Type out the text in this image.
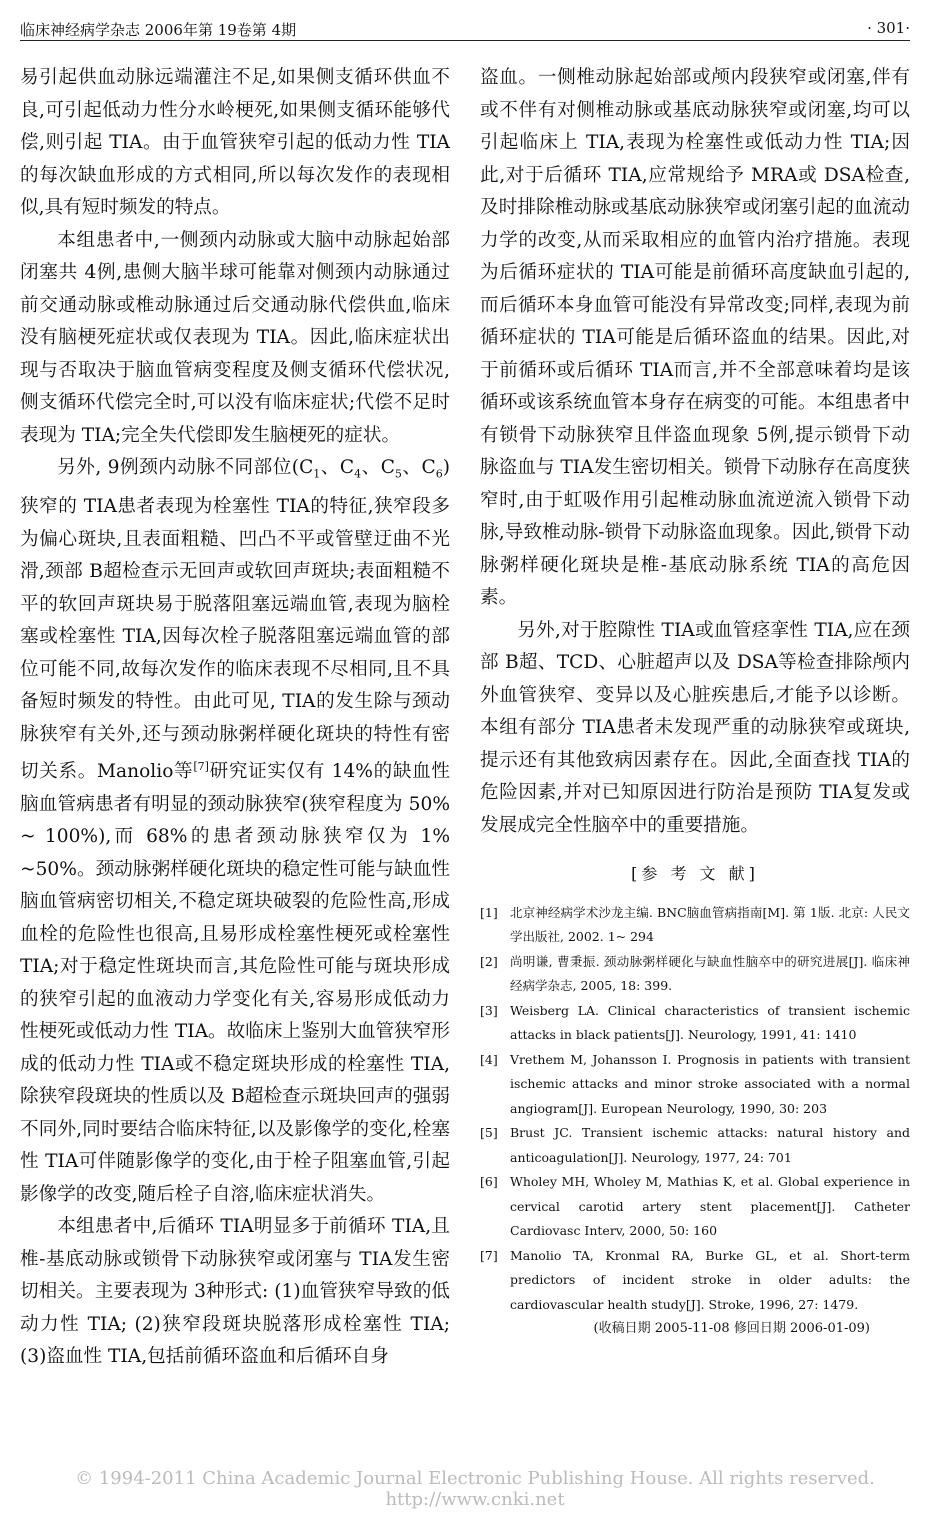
临床神经病学杂志 2006年第 19卷第 4期	· 301·

易引起供血动脉远端灌注不足,如果侧支循环供血不良,可引起低动力性分水岭梗死,如果侧支循环能够代偿,则引起 TIA。由于血管狭窄引起的低动力性 TIA的每次缺血形成的方式相同,所以每次发作的表现相似,具有短时频发的特点。

本组患者中,一侧颈内动脉或大脑中动脉起始部闭塞共 4例,患侧大脑半球可能靠对侧颈内动脉通过前交通动脉或椎动脉通过后交通动脉代偿供血,临床没有脑梗死症状或仅表现为 TIA。因此,临床症状出现与否取决于脑血管病变程度及侧支循环代偿状况,侧支循环代偿完全时,可以没有临床症状;代偿不足时表现为 TIA;完全失代偿即发生脑梗死的症状。

另外, 9例颈内动脉不同部位($C_1$、$C_4$、$C_5$、$C_6$)狭窄的 TIA患者表现为栓塞性 TIA的特征,狭窄段多为偏心斑块,且表面粗糙、凹凸不平或管壁迂曲不光滑,颈部 B超检查示无回声或软回声斑块;表面粗糙不平的软回声斑块易于脱落阻塞远端血管,表现为脑栓塞或栓塞性 TIA,因每次栓子脱落阻塞远端血管的部位可能不同,故每次发作的临床表现不尽相同,且不具备短时频发的特性。由此可见, TIA的发生除与颈动脉狭窄有关外,还与颈动脉粥样硬化斑块的特性有密切关系。Manolio等[7]研究证实仅有 14%的缺血性脑血管病患者有明显的颈动脉狭窄(狭窄程度为 50% ~ 100%),而 68%的患者颈动脉狭窄仅为 1% ~50%。颈动脉粥样硬化斑块的稳定性可能与缺血性脑血管病密切相关,不稳定斑块破裂的危险性高,形成血栓的危险性也很高,且易形成栓塞性梗死或栓塞性 TIA;对于稳定性斑块而言,其危险性可能与斑块形成的狭窄引起的血液动力学变化有关,容易形成低动力性梗死或低动力性 TIA。故临床上鉴别大血管狭窄形成的低动力性 TIA或不稳定斑块形成的栓塞性 TIA,除狭窄段斑块的性质以及 B超检查示斑块回声的强弱不同外,同时要结合临床特征,以及影像学的变化,栓塞性 TIA可伴随影像学的变化,由于栓子阻塞血管,引起影像学的改变,随后栓子自溶,临床症状消失。

本组患者中,后循环 TIA明显多于前循环 TIA,且椎-基底动脉或锁骨下动脉狭窄或闭塞与 TIA发生密切相关。主要表现为 3种形式: (1)血管狭窄导致的低动力性 TIA; (2)狭窄段斑块脱落形成栓塞性 TIA; (3)盗血性 TIA,包括前循环盗血和后循环自身

盗血。一侧椎动脉起始部或颅内段狭窄或闭塞,伴有或不伴有对侧椎动脉或基底动脉狭窄或闭塞,均可以引起临床上 TIA,表现为栓塞性或低动力性 TIA;因此,对于后循环 TIA,应常规给予 MRA或 DSA检查,及时排除椎动脉或基底动脉狭窄或闭塞引起的血流动力学的改变,从而采取相应的血管内治疗措施。表现为后循环症状的 TIA可能是前循环高度缺血引起的,而后循环本身血管可能没有异常改变;同样,表现为前循环症状的 TIA可能是后循环盗血的结果。因此,对于前循环或后循环 TIA而言,并不全部意味着均是该循环或该系统血管本身存在病变的可能。本组患者中有锁骨下动脉狭窄且伴盗血现象 5例,提示锁骨下动脉盗血与 TIA发生密切相关。锁骨下动脉存在高度狭窄时,由于虹吸作用引起椎动脉血流逆流入锁骨下动脉,导致椎动脉-锁骨下动脉盗血现象。因此,锁骨下动脉粥样硬化斑块是椎-基底动脉系统 TIA的高危因素。

另外,对于腔隙性 TIA或血管痉挛性 TIA,应在颈部 B超、TCD、心脏超声以及 DSA等检查排除颅内外血管狭窄、变异以及心脏疾患后,才能予以诊断。本组有部分 TIA患者未发现严重的动脉狭窄或斑块,提示还有其他致病因素存在。因此,全面查找 TIA的危险因素,并对已知原因进行防治是预防 TIA复发或发展成完全性脑卒中的重要措施。

[参 考 文 献]
[1] 北京神经病学术沙龙主编. BNC脑血管病指南[M]. 第 1版. 北京: 人民文学出版社, 2002. 1~ 294
[2] 尚明谦, 曹秉振. 颈动脉粥样硬化与缺血性脑卒中的研究进展[J]. 临床神经病学杂志, 2005, 18: 399.
[3] Weisberg LA. Clinical characteristics of transient ischemic attacks in black patients[J]. Neurology, 1991, 41: 1410
[4] Vrethem M, Johansson I. Prognosis in patients with transient ischemic attacks and minor stroke associated with a normal angiogram[J]. European Neurology, 1990, 30: 203
[5] Brust JC. Transient ischemic attacks: natural history and anticoagulation[J]. Neurology, 1977, 24: 701
[6] Wholey MH, Wholey M, Mathias K, et al. Global experience in cervical carotid artery stent placement[J]. Catheter Cardiovasc Interv, 2000, 50: 160
[7] Manolio TA, Kronmal RA, Burke GL, et al. Short-term predictors of incident stroke in older adults: the cardiovascular health study[J]. Stroke, 1996, 27: 1479.
(收稿日期 2005-11-08 修回日期 2006-01-09)
© 1994-2011 China Academic Journal Electronic Publishing House. All rights reserved. http://www.cnki.net
